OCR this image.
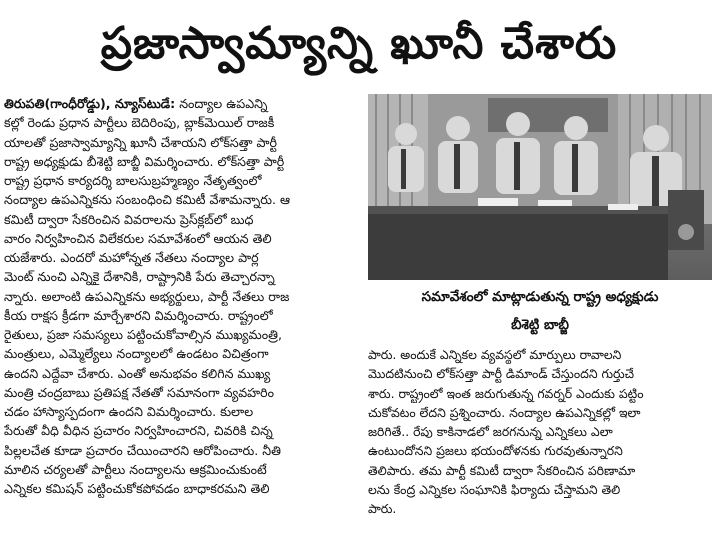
ప్రజాస్వామ్యాన్ని ఖూనీ చేశారు
తిరుపతి(గాంధీరోడ్డు), న్యూస్‌టుడే: నంద్యాల ఉపఎన్ని
కల్లో రెండు ప్రధాన పార్టీలు బెదిరింపు, బ్లాక్‌మెయిల్ రాజకీ
యాలతో ప్రజాస్వామ్యాన్ని ఖూనీ చేశాయని లోక్‌సత్తా పార్టీ
రాష్ట్ర అధ్యక్షుడు బీశెట్టి బాబ్జీ విమర్శించారు. లోక్‌సత్తా పార్టీ
రాష్ట్ర ప్రధాన కార్యదర్శి బాలసుబ్రహ్మణ్యం నేతృత్వంలో
నంద్యాల ఉపఎన్నికను సంబంధించి కమిటీ వేశామన్నారు. ఆ
కమిటీ ద్వారా సేకరించిన వివరాలను ప్రెస్‌క్లబ్‌లో బుధ
వారం నిర్వహించిన విలేకరుల సమావేశంలో ఆయన తెలి
యజేశారు. ఎందరో మహోన్నత నేతలు నంద్యాల పార్ల
మెంట్ నుంచి ఎన్నికై దేశానికి, రాష్ట్రానికి పేరు తెచ్చారన్నా
న్నారు. అలాంటి ఉపఎన్నికను అభ్యర్థులు, పార్టీ నేతలు రాజ
కీయ రాక్షస క్రీడగా మార్చేశారని విమర్శించారు. రాష్ట్రంలో
రైతులు, ప్రజా సమస్యలు పట్టించుకోవాల్సిన ముఖ్యమంత్రి,
మంత్రులు, ఎమ్మెల్యేలు నంద్యాలలో ఉండటం విచిత్రంగా
ఉందని ఎద్దేవా చేశారు. ఎంతో అనుభవం కలిగిన ముఖ్య
మంత్రి చంద్రబాబు ప్రతిపక్ష నేతతో సమానంగా వ్యవహరిం
చడం హాస్యాస్పదంగా ఉందని విమర్శించారు. కులాల
పేరుతో వీధి వీధిన ప్రచారం నిర్వహించారని, చివరికి చిన్న
పిల్లలచేత కూడా ప్రచారం చేయించారని ఆరోపించారు. నీతి
మాలిన చర్యలతో పార్టీలు నంద్యాలను ఆక్రమించుకుంటే
ఎన్నికల కమిషన్ పట్టించుకోకపోవడం బాధాకరమని తెలి
సమావేశంలో మాట్లాడుతున్న రాష్ట్ర అధ్యక్షుడు
బీశెట్టి బాబ్జీ
పారు. అందుకే ఎన్నికల వ్యవస్థలో మార్పులు రావాలని
మొదటినుంచి లోక్‌సత్తా పార్టీ డిమాండ్ చేస్తుందని గుర్తుచే
శారు. రాష్ట్రంలో ఇంత జరుగుతున్న గవర్నర్ ఎందుకు పట్టిం
చుకోవటం లేదని ప్రశ్నించారు. నంద్యాల ఉపఎన్నికల్లో ఇలా
జరిగితే.. రేపు కాకినాడలో జరగనున్న ఎన్నికలు ఎలా
ఉంటుందోనని ప్రజలు భయందోళనకు గురవుతున్నారని
తెలిపారు. తమ పార్టీ కమిటీ ద్వారా సేకరించిన పరిణామా
లను కేంద్ర ఎన్నికల సంఘానికి ఫిర్యాదు చేస్తామని తెలి
పారు.
